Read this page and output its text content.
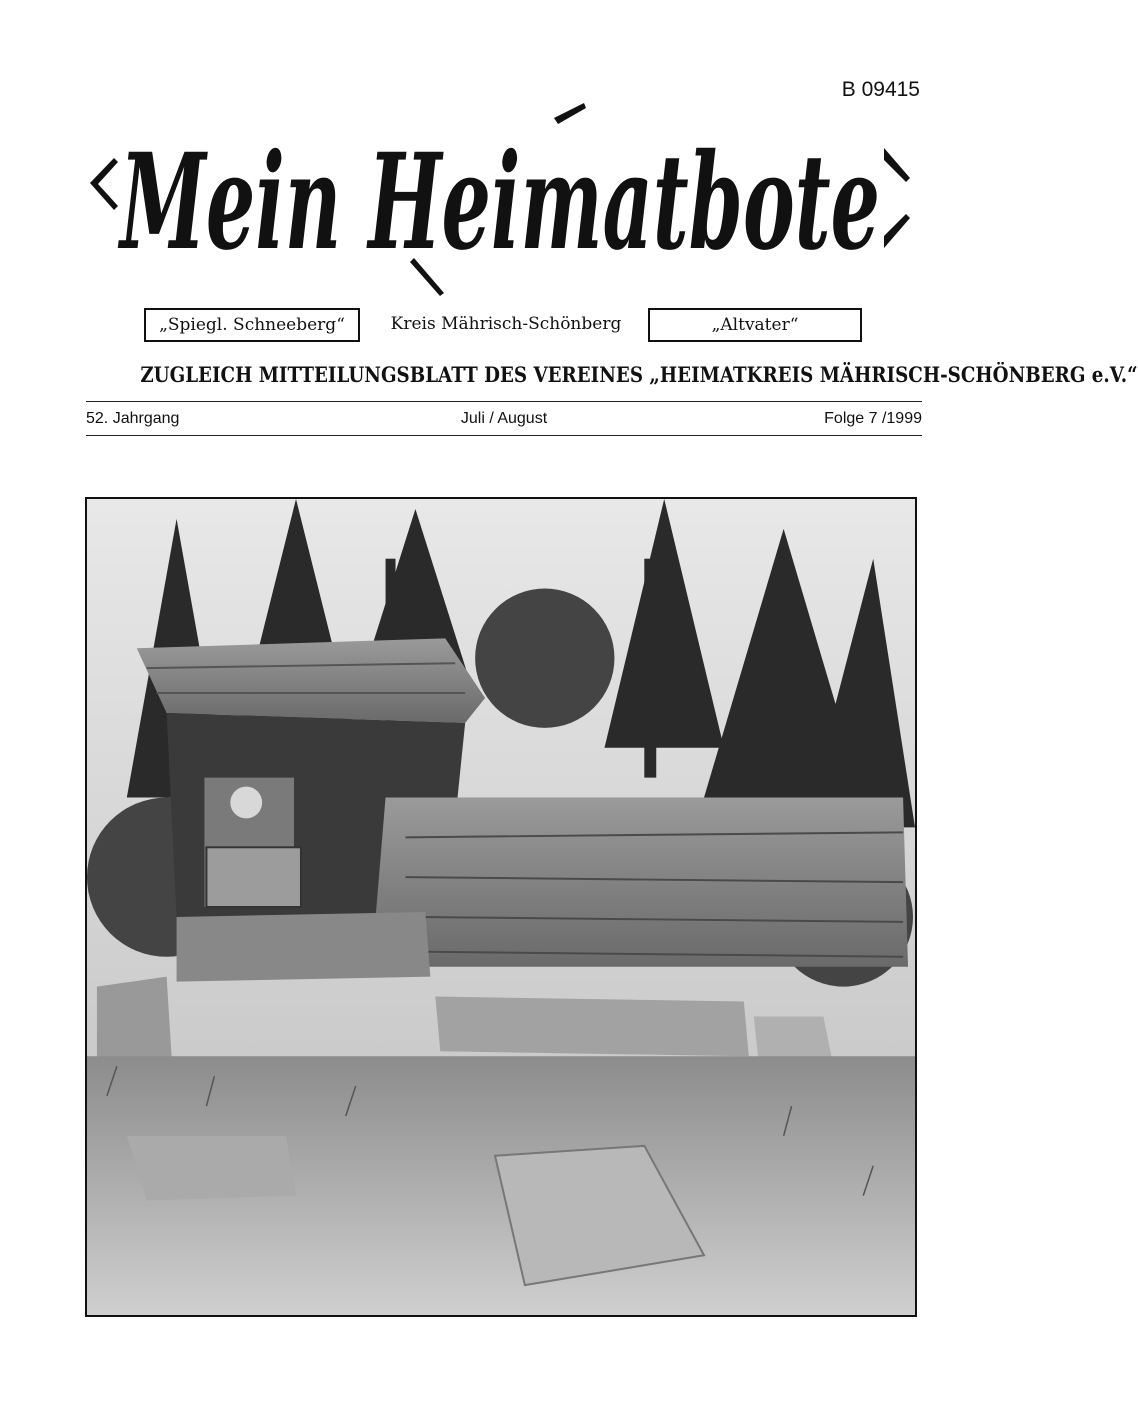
B 09415
Mein Heimatbote
„Spiegl. Schneeberg“	Kreis Mährisch-Schönberg	„Altvater“
ZUGLEICH MITTEILUNGSBLATT DES VEREINES „HEIMATKREIS MÄHRISCH-SCHÖNBERG e.V.“
52. Jahrgang	Juli / August	Folge 7 /1999
